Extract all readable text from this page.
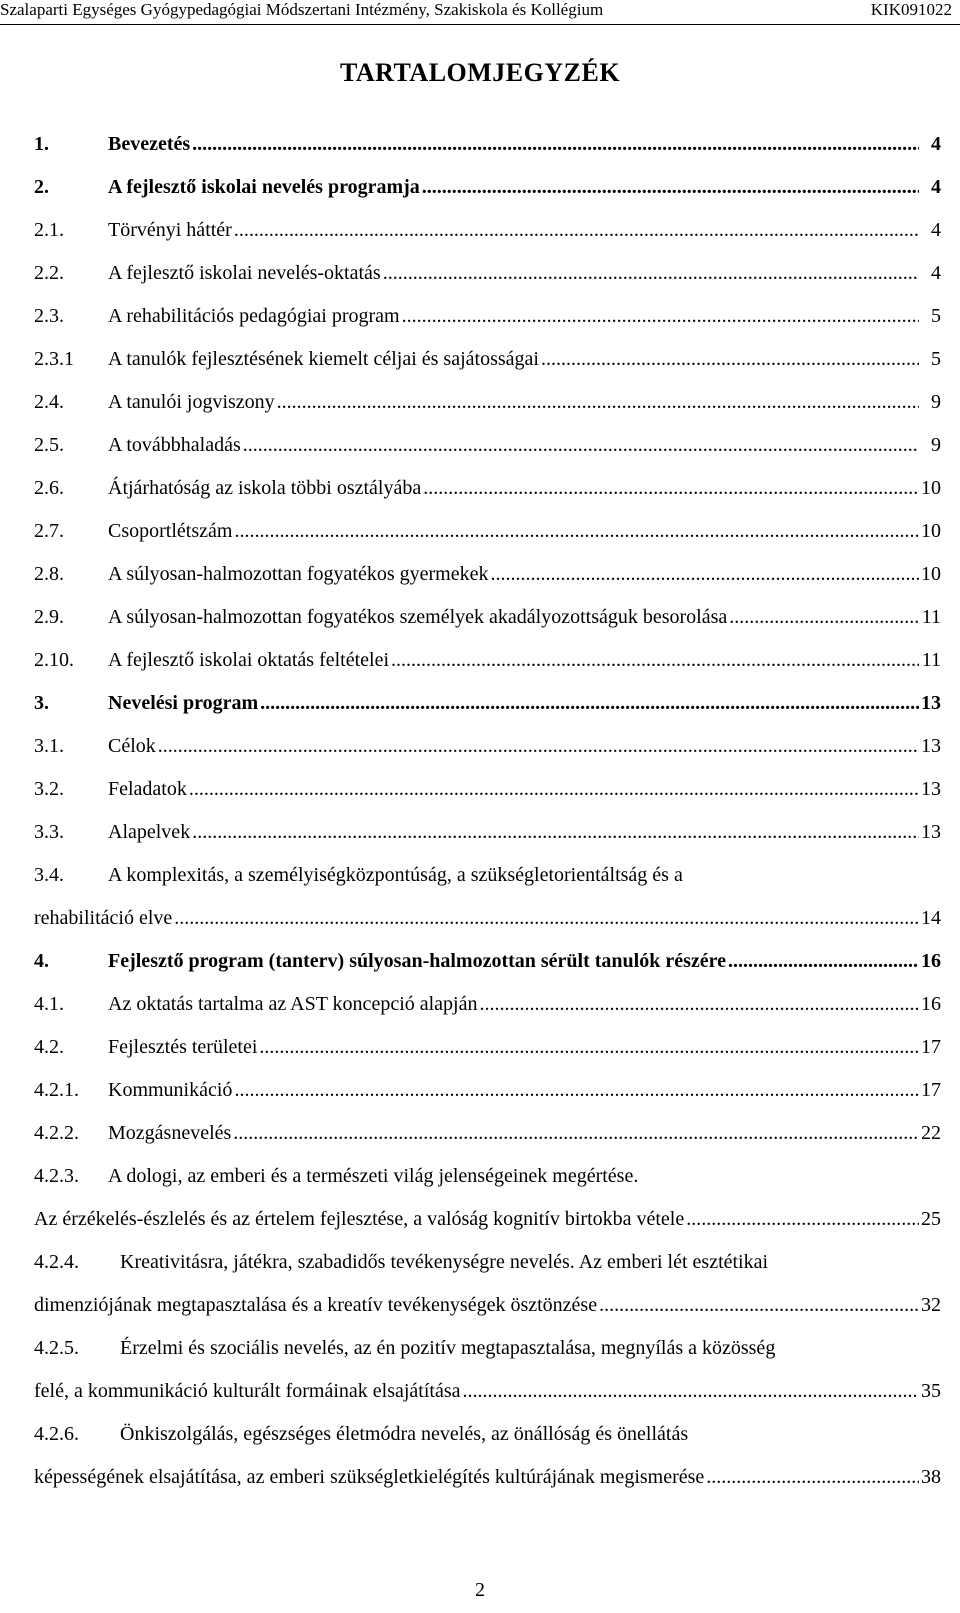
Szalaparti Egységes Gyógypedagógiai Módszertani Intézmény, Szakiskola és Kollégium	KIK091022
TARTALOMJEGYZÉK
1.	Bevezetés .....	4
2.	A fejlesztő iskolai nevelés programja .....	4
2.1.	Törvényi háttér .....	4
2.2.	A fejlesztő iskolai nevelés-oktatás .....	4
2.3.	A rehabilitációs pedagógiai program .....	5
2.3.1	A tanulók fejlesztésének kiemelt céljai és sajátosságai .....	5
2.4.	A tanulói jogviszony .....	9
2.5.	A továbbhaladás .....	9
2.6.	Átjárhatóság az iskola többi osztályába .....	10
2.7.	Csoportlétszám .....	10
2.8.	A súlyosan-halmozottan fogyatékos gyermekek .....	10
2.9.	A súlyosan-halmozottan fogyatékos személyek akadályozottságuk besorolása .....	11
2.10.	A fejlesztő iskolai oktatás feltételei .....	11
3.	Nevelési program .....	13
3.1.	Célok .....	13
3.2.	Feladatok .....	13
3.3.	Alapelvek .....	13
3.4.	A komplexitás, a személyiségközpontúság, a szükségletorientáltság és a
rehabilitáció elve .....	14
4.	Fejlesztő program (tanterv) súlyosan-halmozottan sérült tanulók részére .....	16
4.1.	Az oktatás tartalma az AST koncepció alapján .....	16
4.2.	Fejlesztés területei .....	17
4.2.1.	Kommunikáció .....	17
4.2.2.	Mozgásnevelés .....	22
4.2.3.	A dologi, az emberi és a természeti világ jelenségeinek megértése.
Az érzékelés-észlelés és az értelem fejlesztése, a valóság kognitív birtokba vétele .....	25
4.2.4.	Kreativitásra, játékra, szabadidős tevékenységre nevelés. Az emberi lét esztétikai
dimenziójának megtapasztalása és a kreatív tevékenységek ösztönzése .....	32
4.2.5.	Érzelmi és szociális nevelés, az én pozitív megtapasztalása, megnyílás a közösség
felé, a kommunikáció kulturált formáinak elsajátítása .....	35
4.2.6.	Önkiszolgálás, egészséges életmódra nevelés, az önállóság és önellátás
képességének elsajátítása, az emberi szükségletkielégítés kultúrájának megismerése .....	38
2
